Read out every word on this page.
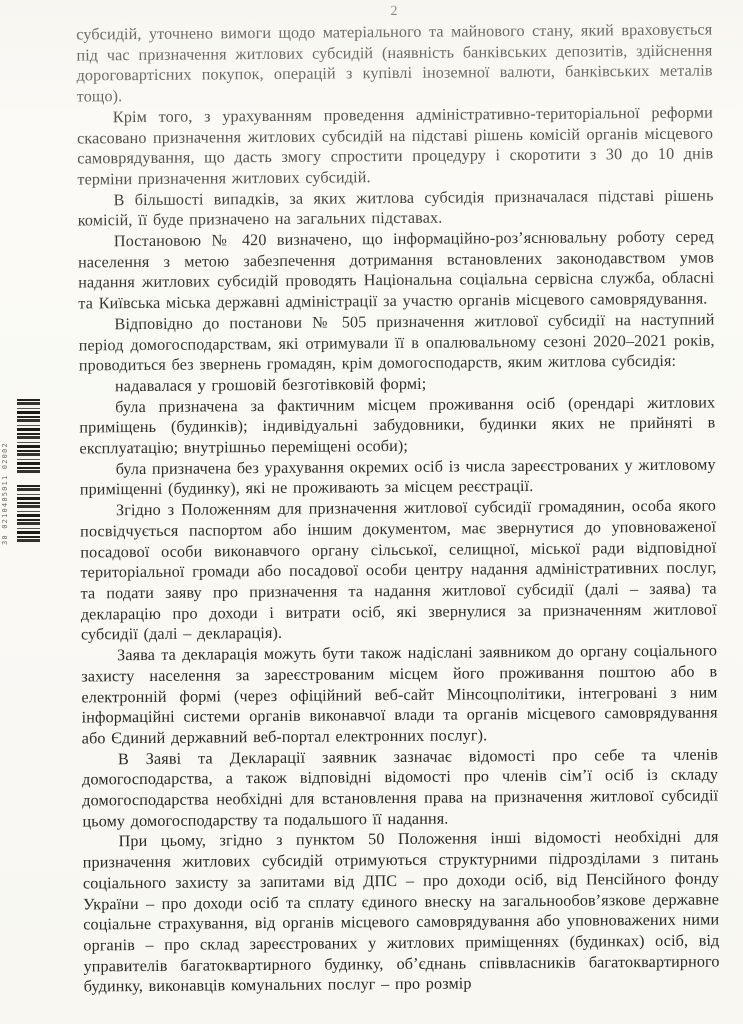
30 0210405011 02002
2

субсидій, уточнено вимоги щодо матеріального та майнового стану, який враховується під час призначення житлових субсидій (наявність банківських депозитів, здійснення дороговартісних покупок, операцій з купівлі іноземної валюти, банківських металів тощо).

Крім того, з урахуванням проведення адміністративно-територіальної реформи скасовано призначення житлових субсидій на підставі рішень комісій органів місцевого самоврядування, що дасть змогу спростити процедуру і скоротити з 30 до 10 днів терміни призначення житлових субсидій.

В більшості випадків, за яких житлова субсидія призначалася підставі рішень комісій, її буде призначено на загальних підставах.

Постановою № 420 визначено, що інформаційно-роз’яснювальну роботу серед населення з метою забезпечення дотримання встановлених законодавством умов надання житлових субсидій проводять Національна соціальна сервісна служба, обласні та Київська міська державні адміністрації за участю органів місцевого самоврядування.

Відповідно до постанови № 505 призначення житлової субсидії на наступний період домогосподарствам, які отримували її в опалювальному сезоні 2020–2021 років, проводиться без звернень громадян, крім домогосподарств, яким житлова субсидія:

надавалася у грошовій безготівковій формі;

була призначена за фактичним місцем проживання осіб (орендарі житлових приміщень (будинків); індивідуальні забудовники, будинки яких не прийняті в експлуатацію; внутрішньо переміщені особи);

була призначена без урахування окремих осіб із числа зареєстрованих у житловому приміщенні (будинку), які не проживають за місцем реєстрації.

Згідно з Положенням для призначення житлової субсидії громадянин, особа якого посвідчується паспортом або іншим документом, має звернутися до уповноваженої посадової особи виконавчого органу сільської, селищної, міської ради відповідної територіальної громади або посадової особи центру надання адміністративних послуг, та подати заяву про призначення та надання житлової субсидії (далі – заява) та декларацію про доходи і витрати осіб, які звернулися за призначенням житлової субсидії (далі – декларація).

Заява та декларація можуть бути також надіслані заявником до органу соціального захисту населення за зареєстрованим місцем його проживання поштою або в електронній формі (через офіційний веб-сайт Мінсоцполітики, інтегровані з ним інформаційні системи органів виконавчої влади та органів місцевого самоврядування або Єдиний державний веб-портал електронних послуг).

В Заяві та Декларації заявник зазначає відомості про себе та членів домогосподарства, а також відповідні відомості про членів сім’ї осіб із складу домогосподарства необхідні для встановлення права на призначення житлової субсидії цьому домогосподарству та подальшого її надання.

При цьому, згідно з пунктом 50 Положення інші відомості необхідні для призначення житлових субсидій отримуються структурними підрозділами з питань соціального захисту за запитами від ДПС – про доходи осіб, від Пенсійного фонду України – про доходи осіб та сплату єдиного внеску на загальнообов’язкове державне соціальне страхування, від органів місцевого самоврядування або уповноважених ними органів – про склад зареєстрованих у житлових приміщеннях (будинках) осіб, від управителів багатоквартирного будинку, об’єднань співвласників багатоквартирного будинку, виконавців комунальних послуг – про розмір
